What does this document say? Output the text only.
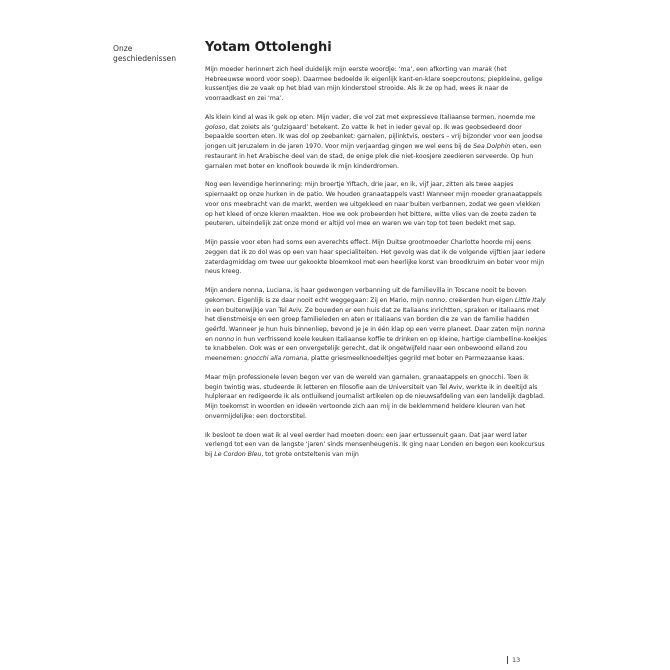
Onze geschiedenissen
Yotam Ottolenghi

Mijn moeder herinnert zich heel duidelijk mijn eerste woordje: ‘ma’, een afkorting van marak (het Hebreeuwse woord voor soep). Daarmee bedoelde ik eigenlijk kant-en-klare soepcroutons; piepkleine, gelige kussentjes die ze vaak op het blad van mijn kinderstoel strooide. Als ik ze op had, wees ik naar de voorraadkast en zei ‘ma’.

Als klein kind al was ik gek op eten. Mijn vader, die vol zat met expressieve Italiaanse termen, noemde me goloso, dat zoiets als ‘gulzigaard’ betekent. Zo vatte ik het in ieder geval op. Ik was geobsedeerd door bepaalde soorten eten. Ik was dol op zeebanket: garnalen, pijlinktvis, oesters – vrij bijzonder voor een joodse jongen uit Jeruzalem in de jaren 1970. Voor mijn verjaardag gingen we wel eens bij de Sea Dolphin eten, een restaurant in het Arabische deel van de stad, de enige plek die niet-koosjere zeedieren serveerde. Op hun garnalen met boter en knoflook bouwde ik mijn kinderdromen.

Nog een levendige herinnering: mijn broertje Yiftach, drie jaar, en ik, vijf jaar, zitten als twee aapjes spiernaakt op onze hurken in de patio. We houden granaatappels vast! Wanneer mijn moeder granaatappels voor ons meebracht van de markt, werden we uitgekleed en naar buiten verbannen, zodat we geen vlekken op het kleed of onze kleren maakten. Hoe we ook probeerden het bittere, witte vlies van de zoete zaden te peuteren, uiteindelijk zat onze mond er altijd vol mee en waren we van top tot teen bedekt met sap.

Mijn passie voor eten had soms een averechts effect. Mijn Duitse grootmoeder Charlotte hoorde mij eens zeggen dat ik zo dol was op een van haar specialiteiten. Het gevolg was dat ik de volgende vijftien jaar iedere zaterdagmiddag om twee uur gekookte bloemkool met een heerlijke korst van broodkruim en boter voor mijn neus kreeg.

Mijn andere nonna, Luciana, is haar gedwongen verbanning uit de familievilla in Toscane nooit te boven gekomen. Eigenlijk is ze daar nooit echt weggegaan: Zij en Mario, mijn nonno, creëerden hun eigen Little Italy in een buitenwijkje van Tel Aviv. Ze bouwden er een huis dat ze Italiaans inrichtten, spraken er Italiaans met het dienstmeisje en een groep familieleden en aten er Italiaans van borden die ze van de familie hadden geërfd. Wanneer je hun huis binnenliep, bevond je je in één klap op een verre planeet. Daar zaten mijn nonna en nonno in hun verfrissend koele keuken Italiaanse koffie te drinken en op kleine, hartige ciambelline-koekjes te knabbelen. Ook was er een onvergetelijk gerecht, dat ik ongetwijfeld naar een onbewoond eiland zou meenemen: gnocchi alla romana, platte griesmeelknoedeltjes gegrild met boter en Parmezaanse kaas.

Maar mijn professionele leven begon ver van de wereld van garnalen, granaatappels en gnocchi. Toen ik begin twintig was, studeerde ik letteren en filosofie aan de Universiteit van Tel Aviv, werkte ik in deeltijd als hulpleraar en redigeerde ik als ontluikend journalist artikelen op de nieuwsafdeling van een landelijk dagblad. Mijn toekomst in woorden en ideeën vertoonde zich aan mij in de beklemmend heldere kleuren van het onvermijdelijke: een doctorstitel.

Ik besloot te doen wat ik al veel eerder had moeten doen: een jaar ertussenuit gaan. Dat jaar werd later verlengd tot een van de langste ‘jaren’ sinds mensenheugenis. Ik ging naar Londen en begon een kookcursus bij Le Cordon Bleu, tot grote ontsteltenis van mijn

13
